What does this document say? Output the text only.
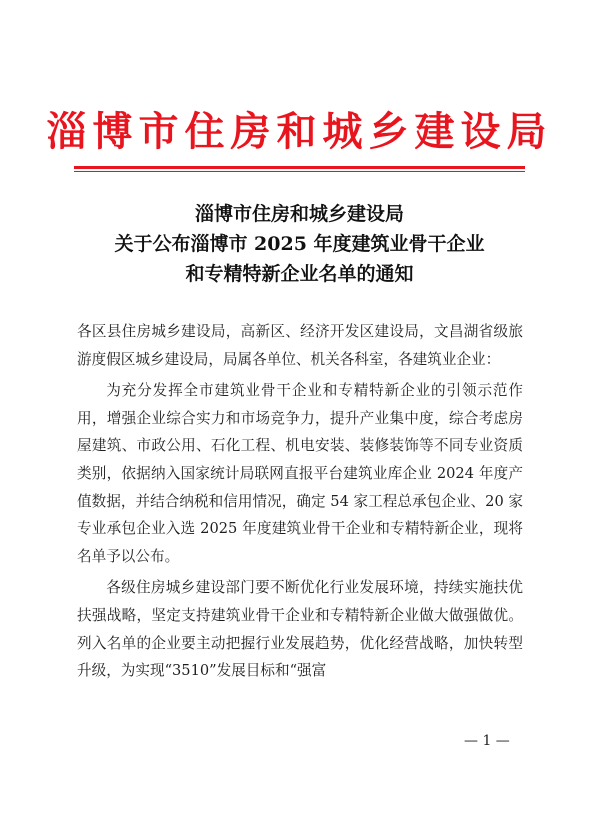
淄博市住房和城乡建设局
淄博市住房和城乡建设局
关于公布淄博市 2025 年度建筑业骨干企业
和专精特新企业名单的通知

各区县住房城乡建设局，高新区、经济开发区建设局，文昌湖省级旅游度假区城乡建设局，局属各单位、机关各科室，各建筑业企业：

为充分发挥全市建筑业骨干企业和专精特新企业的引领示范作用，增强企业综合实力和市场竞争力，提升产业集中度，综合考虑房屋建筑、市政公用、石化工程、机电安装、装修装饰等不同专业资质类别，依据纳入国家统计局联网直报平台建筑业库企业 2024 年度产值数据，并结合纳税和信用情况，确定 54 家工程总承包企业、20 家专业承包企业入选 2025 年度建筑业骨干企业和专精特新企业，现将名单予以公布。

各级住房城乡建设部门要不断优化行业发展环境，持续实施扶优扶强战略，坚定支持建筑业骨干企业和专精特新企业做大做强做优。列入名单的企业要主动把握行业发展趋势，优化经营战略，加快转型升级，为实现“3510”发展目标和“强富

— 1 —
